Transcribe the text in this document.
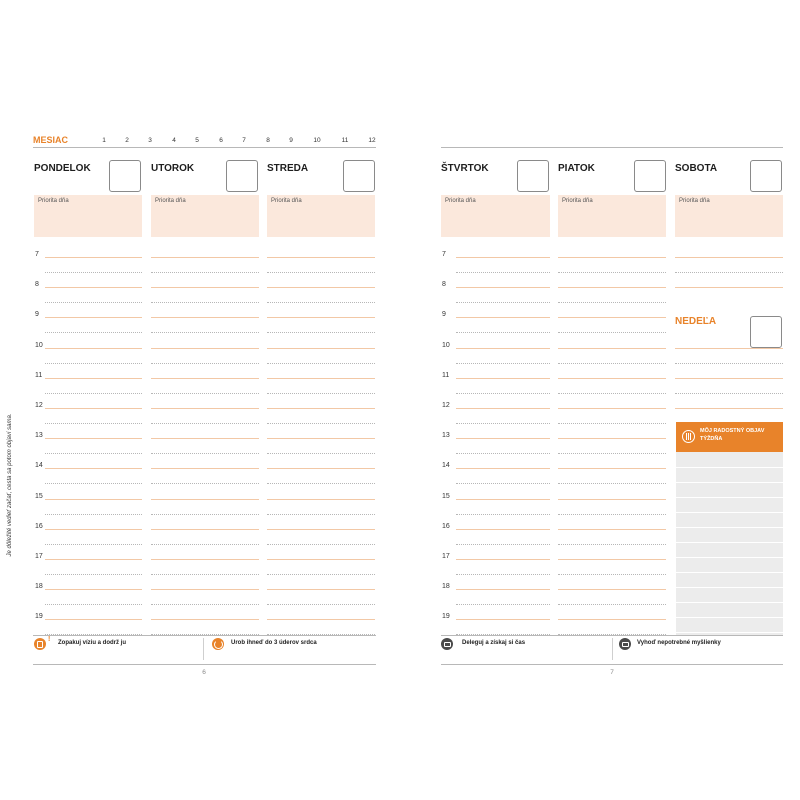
Je dôležité vedieť začať, cesta sa potom objaví sama.
MESIAC	1	2	3	4	5	6	7	8	9	10	11	12
PONDELOK	UTOROK	STREDA
Priorita dňa	Priorita dňa	Priorita dňa
! Zopakuj víziu a dodrž ju	Urob ihneď do 3 úderov srdca
6
7
8
9
10
11
12
13
14
15
16
17
18
19
ŠTVRTOK	PIATOK	SOBOTA
Priorita dňa	Priorita dňa	Priorita dňa
NEDEĽA
Deleguj a získaj si čas	Vyhoď nepotrebné myšlienky
7
7
8
9
10
11
12
13
14
15
16
17
18
19
MÔJ RADOSTNÝ OBJAV TÝŽDŇA
